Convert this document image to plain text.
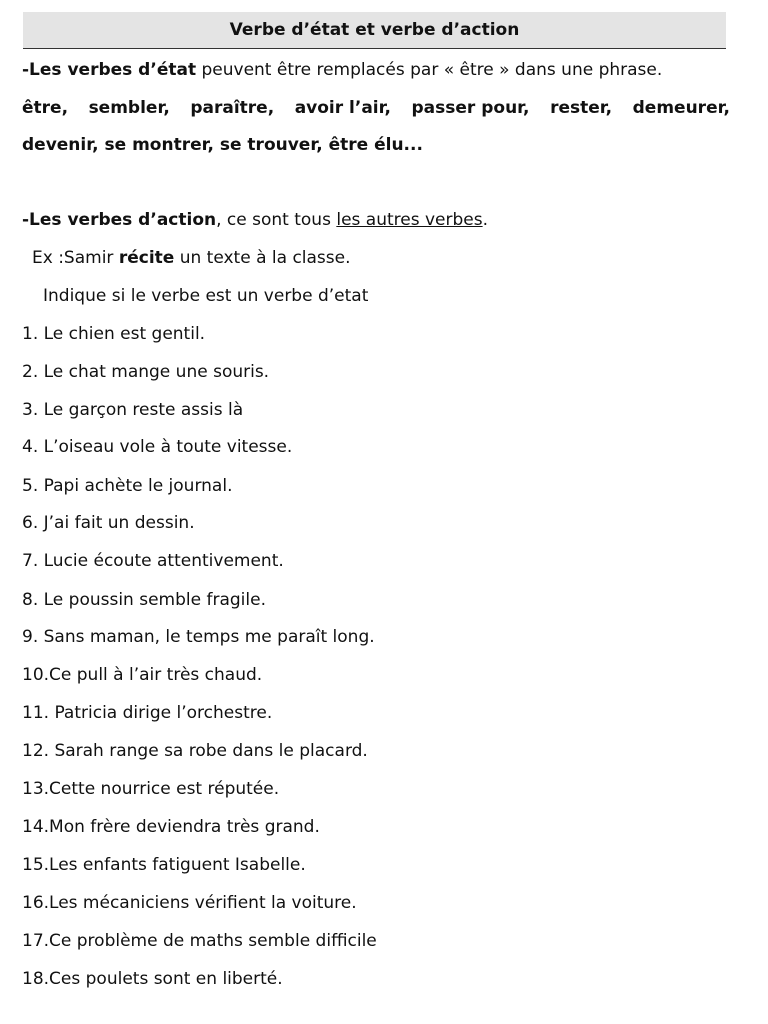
Verbe d’état et verbe d’action
-Les verbes d’état peuvent être remplacés par « être » dans une phrase.
être, sembler, paraître, avoir l’air, passer pour, rester, demeurer,
devenir, se montrer, se trouver, être élu...
-Les verbes d’action, ce sont tous les autres verbes.
Ex :Samir récite un texte à la classe.
Indique si le verbe est un verbe d’etat
1. Le chien est gentil.
2. Le chat mange une souris.
3. Le garçon reste assis là
4. L’oiseau vole à toute vitesse.
5. Papi achète le journal.
6. J’ai fait un dessin.
7. Lucie écoute attentivement.
8. Le poussin semble fragile.
9. Sans maman, le temps me paraît long.
10.Ce pull à l’air très chaud.
11. Patricia dirige l’orchestre.
12. Sarah range sa robe dans le placard.
13.Cette nourrice est réputée.
14.Mon frère deviendra très grand.
15.Les enfants fatiguent Isabelle.
16.Les mécaniciens vérifient la voiture.
17.Ce problème de maths semble difficile
18.Ces poulets sont en liberté.
